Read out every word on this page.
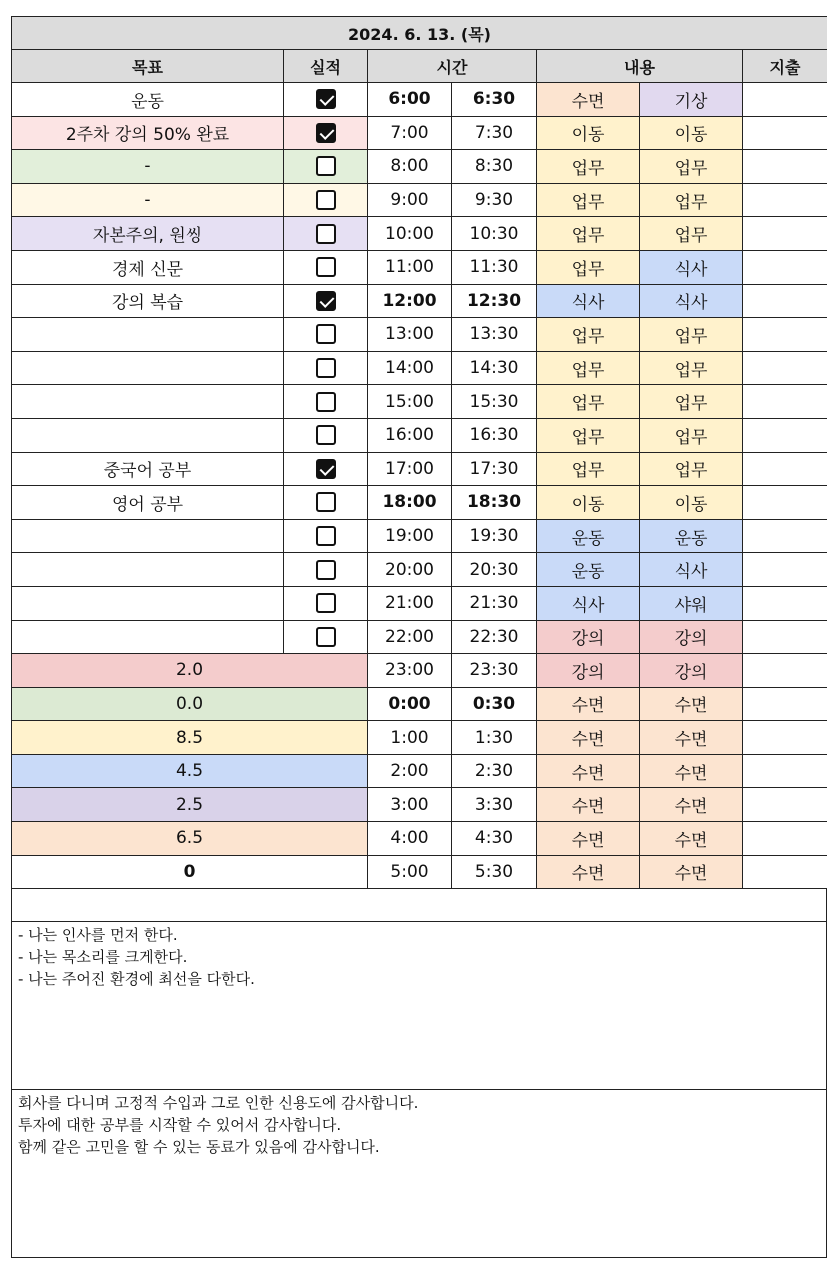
2024. 6. 13. (목)						
목표	실적	시간		내용		지출
운동		6:00	6:30	수면	기상	
2주차 강의 50% 완료		7:00	7:30	이동	이동	
-		8:00	8:30	업무	업무	
-		9:00	9:30	업무	업무	
자본주의, 원씽		10:00	10:30	업무	업무	
경제 신문		11:00	11:30	업무	식사	
강의 복습		12:00	12:30	식사	식사	
		13:00	13:30	업무	업무	
		14:00	14:30	업무	업무	
		15:00	15:30	업무	업무	
		16:00	16:30	업무	업무	
중국어 공부		17:00	17:30	업무	업무	
영어 공부		18:00	18:30	이동	이동	
		19:00	19:30	운동	운동	
		20:00	20:30	운동	식사	
		21:00	21:30	식사	샤워	
		22:00	22:30	강의	강의	
2.0		23:00	23:30	강의	강의	
0.0		0:00	0:30	수면	수면	
8.5		1:00	1:30	수면	수면	
4.5		2:00	2:30	수면	수면	
2.5		3:00	3:30	수면	수면	
6.5		4:00	4:30	수면	수면	
0		5:00	5:30	수면	수면	

- 나는 인사를 먼저 한다.
- 나는 목소리를 크게한다.
- 나는 주어진 환경에 최선을 다한다.

회사를 다니며 고정적 수입과 그로 인한 신용도에 감사합니다.
투자에 대한 공부를 시작할 수 있어서 감사합니다.
함께 같은 고민을 할 수 있는 동료가 있음에 감사합니다.
